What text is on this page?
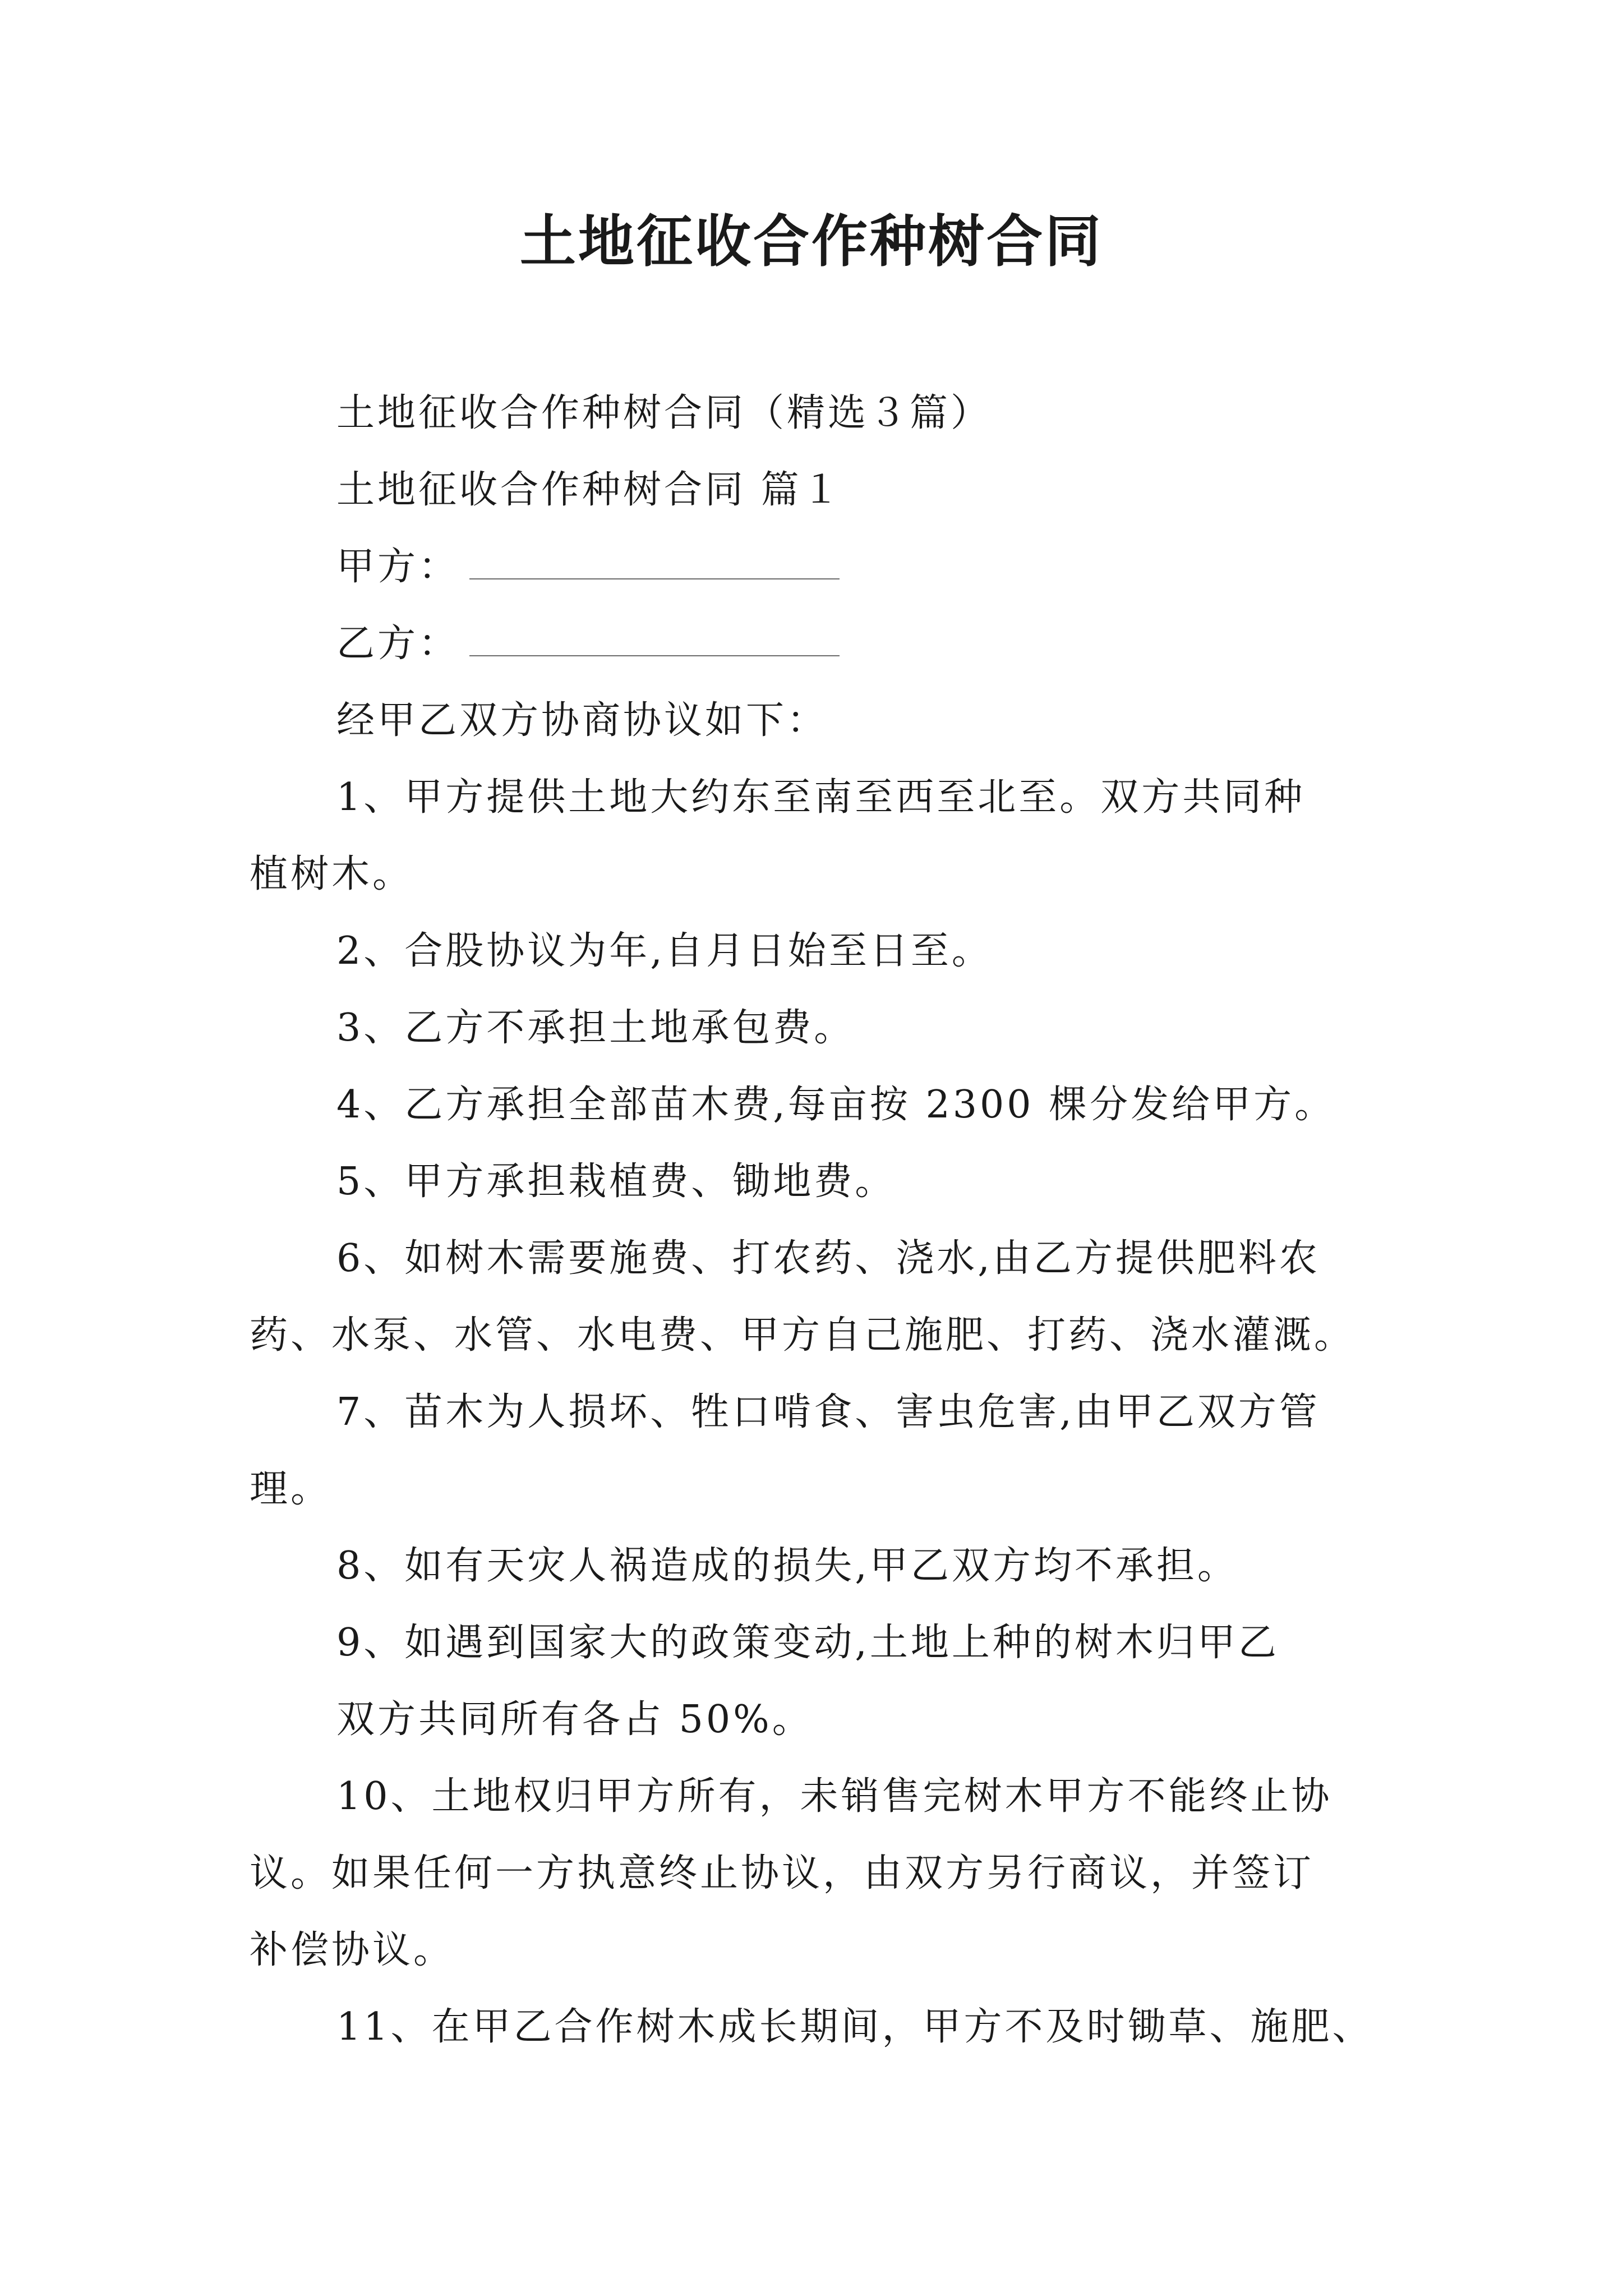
土地征收合作种树合同

土地征收合作种树合同（精选３篇）

土地征收合作种树合同 篇１

甲方：

乙方：

经甲乙双方协商协议如下：

1、甲方提供土地大约东至南至西至北至。双方共同种

植树木。

2、合股协议为年,自月日始至日至。

3、乙方不承担土地承包费。

4、乙方承担全部苗木费,每亩按 2300 棵分发给甲方。

5、甲方承担栽植费、锄地费。

6、如树木需要施费、打农药、浇水,由乙方提供肥料农

药、水泵、水管、水电费、甲方自己施肥、打药、浇水灌溉。

7、苗木为人损坏、牲口啃食、害虫危害,由甲乙双方管

理。

8、如有天灾人祸造成的损失,甲乙双方均不承担。

9、如遇到国家大的政策变动,土地上种的树木归甲乙

双方共同所有各占 50%。

10、土地权归甲方所有，未销售完树木甲方不能终止协

议。如果任何一方执意终止协议，由双方另行商议，并签订

补偿协议。

11、在甲乙合作树木成长期间，甲方不及时锄草、施肥、
